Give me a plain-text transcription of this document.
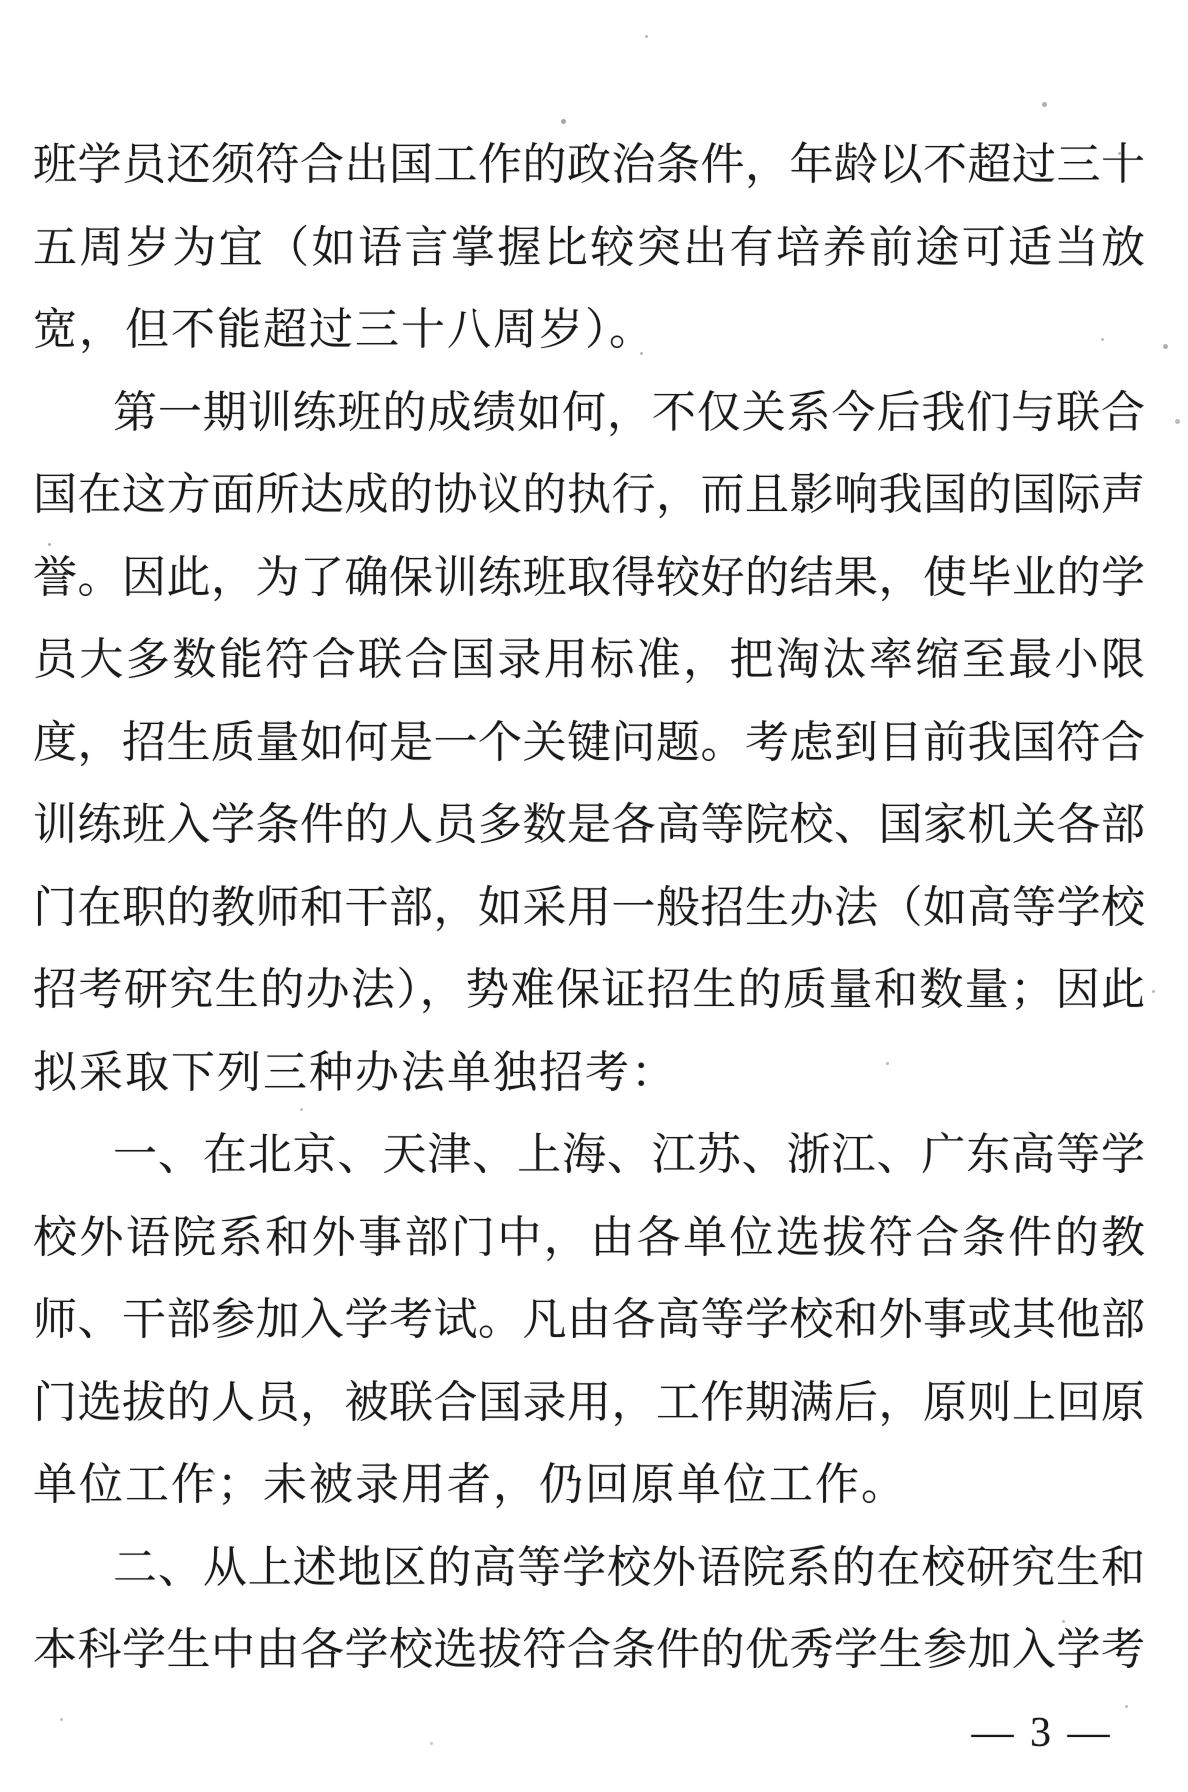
班学员还须符合出国工作的政治条件，年龄以不超过三十
五周岁为宜（如语言掌握比较突出有培养前途可适当放
宽，但不能超过三十八周岁）。
第一期训练班的成绩如何，不仅关系今后我们与联合
国在这方面所达成的协议的执行，而且影响我国的国际声
誉。因此，为了确保训练班取得较好的结果，使毕业的学
员大多数能符合联合国录用标准，把淘汰率缩至最小限
度，招生质量如何是一个关键问题。考虑到目前我国符合
训练班入学条件的人员多数是各高等院校、国家机关各部
门在职的教师和干部，如采用一般招生办法（如高等学校
招考研究生的办法），势难保证招生的质量和数量；因此
拟采取下列三种办法单独招考：
一、在北京、天津、上海、江苏、浙江、广东高等学
校外语院系和外事部门中，由各单位选拔符合条件的教
师、干部参加入学考试。凡由各高等学校和外事或其他部
门选拔的人员，被联合国录用，工作期满后，原则上回原
单位工作；未被录用者，仍回原单位工作。
二、从上述地区的高等学校外语院系的在校研究生和
本科学生中由各学校选拔符合条件的优秀学生参加入学考
— 3 —
